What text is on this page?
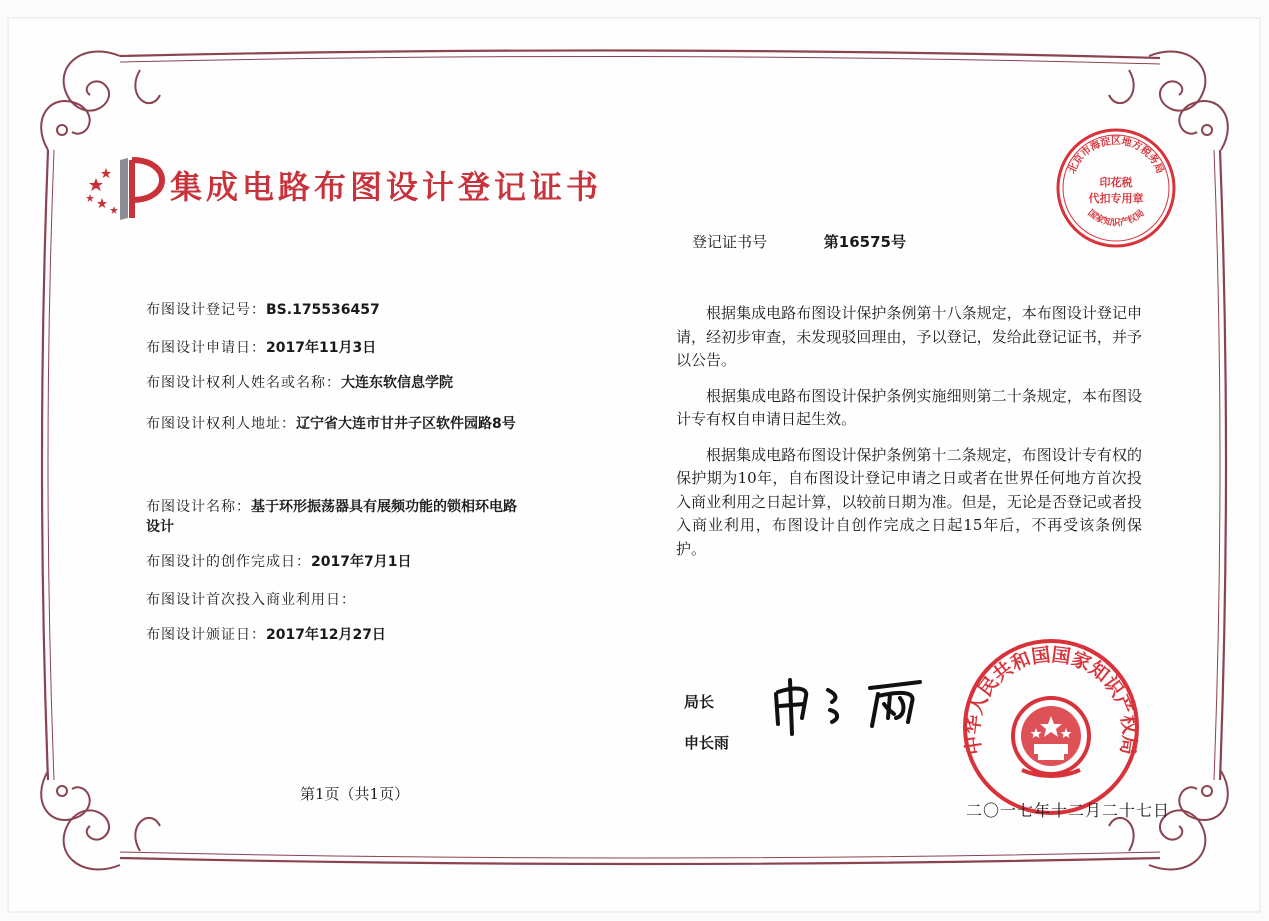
集成电路布图设计登记证书	北京市海淀区地方税务局
国家知识产权局
印花税
代扣专用章
登记证书号	第16575号
布图设计登记号：BS.175536457
布图设计申请日：2017年11月3日
布图设计权利人姓名或名称：大连东软信息学院
布图设计权利人地址：辽宁省大连市甘井子区软件园路8号
布图设计名称：基于环形振荡器具有展频功能的锁相环电路设计
布图设计的创作完成日：2017年7月1日
布图设计首次投入商业利用日：
布图设计颁证日：2017年12月27日

根据集成电路布图设计保护条例第十八条规定，本布图设计登记申请，经初步审查，未发现驳回理由，予以登记，发给此登记证书，并予以公告。

根据集成电路布图设计保护条例实施细则第二十条规定，本布图设计专有权自申请日起生效。

根据集成电路布图设计保护条例第十二条规定，布图设计专有权的保护期为10年，自布图设计登记申请之日或者在世界任何地方首次投入商业利用之日起计算，以较前日期为准。但是，无论是否登记或者投入商业利用，布图设计自创作完成之日起15年后，不再受该条例保护。

局长
申长雨	中华人民共和国国家知识产权局
第1页（共1页）
二〇一七年十二月二十七日
